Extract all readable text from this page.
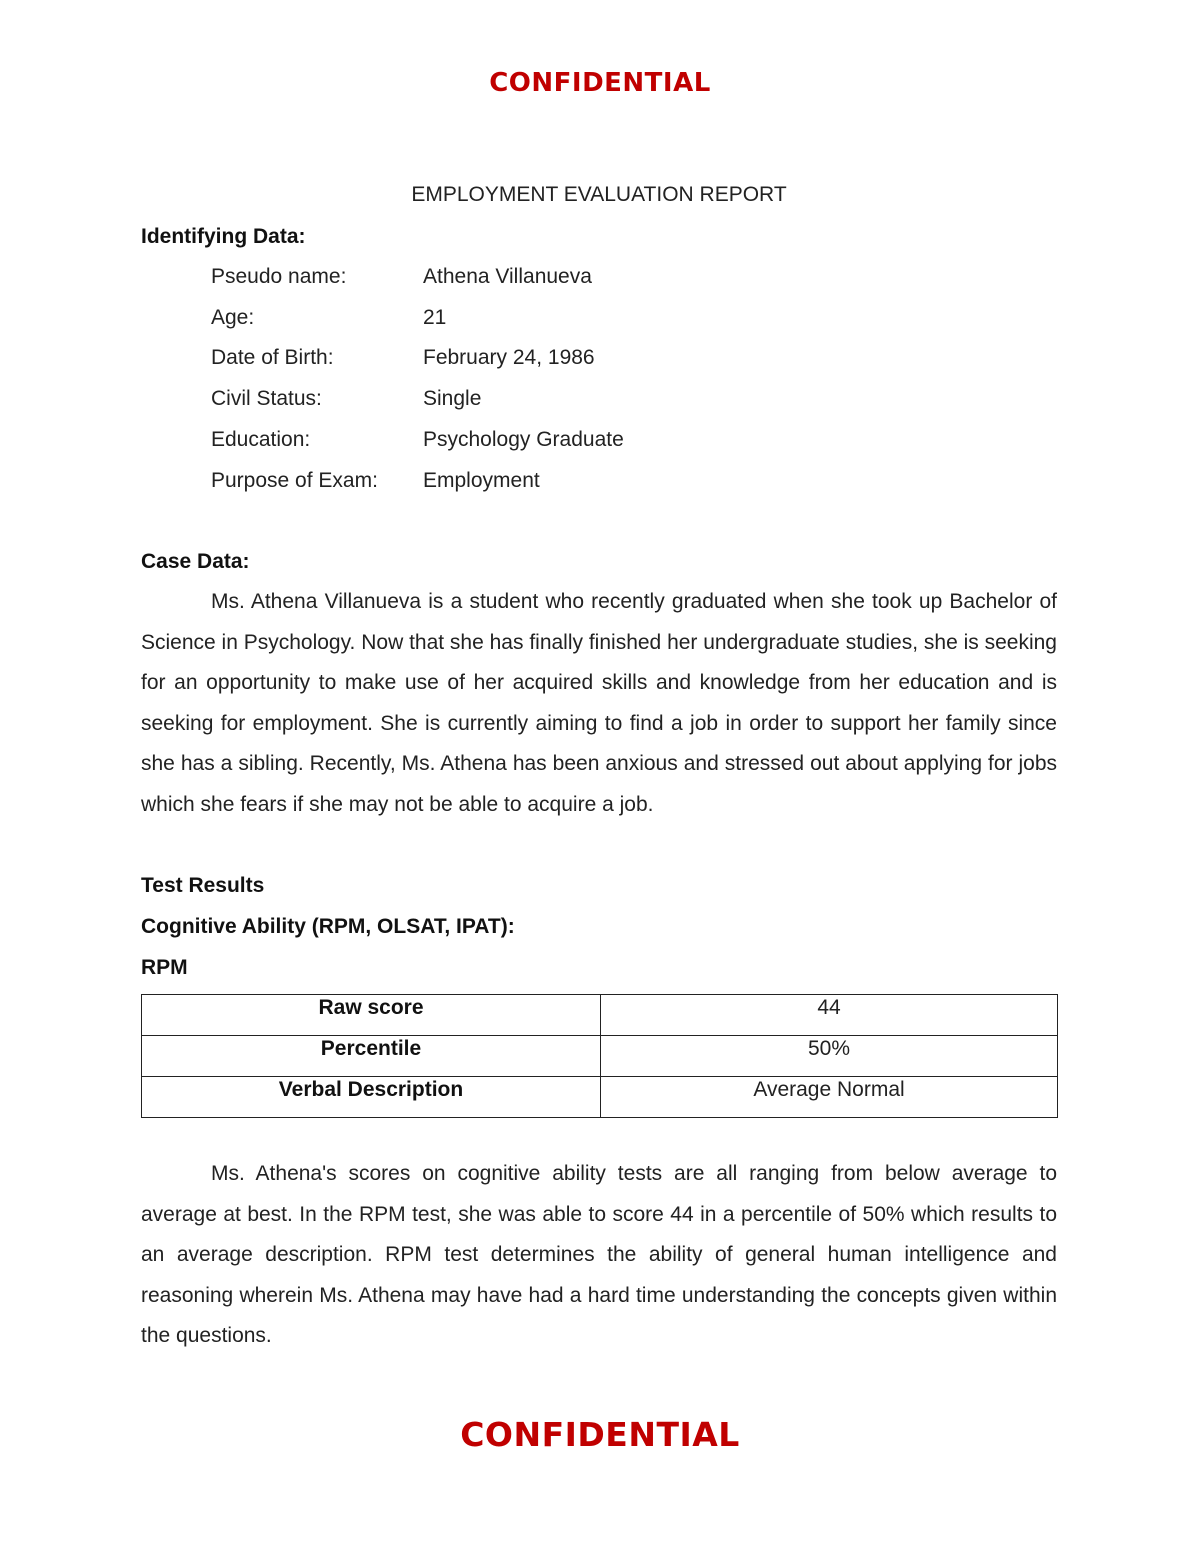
CONFIDENTIAL
EMPLOYMENT EVALUATION REPORT
Identifying Data:
Pseudo name:	Athena Villanueva
Age:	21
Date of Birth:	February 24, 1986
Civil Status:	Single
Education:	Psychology Graduate
Purpose of Exam: Employment
Case Data:

Ms. Athena Villanueva is a student who recently graduated when she took up Bachelor of Science in Psychology. Now that she has finally finished her undergraduate studies, she is seeking for an opportunity to make use of her acquired skills and knowledge from her education and is seeking for employment. She is currently aiming to find a job in order to support her family since she has a sibling. Recently, Ms. Athena has been anxious and stressed out about applying for jobs which she fears if she may not be able to acquire a job.

Test Results
Cognitive Ability (RPM, OLSAT, IPAT):
RPM
Raw score	44
Percentile	50%
Verbal Description	Average Normal

Ms. Athena's scores on cognitive ability tests are all ranging from below average to average at best. In the RPM test, she was able to score 44 in a percentile of 50% which results to an average description. RPM test determines the ability of general human intelligence and reasoning wherein Ms. Athena may have had a hard time understanding the concepts given within the questions.

CONFIDENTIAL
